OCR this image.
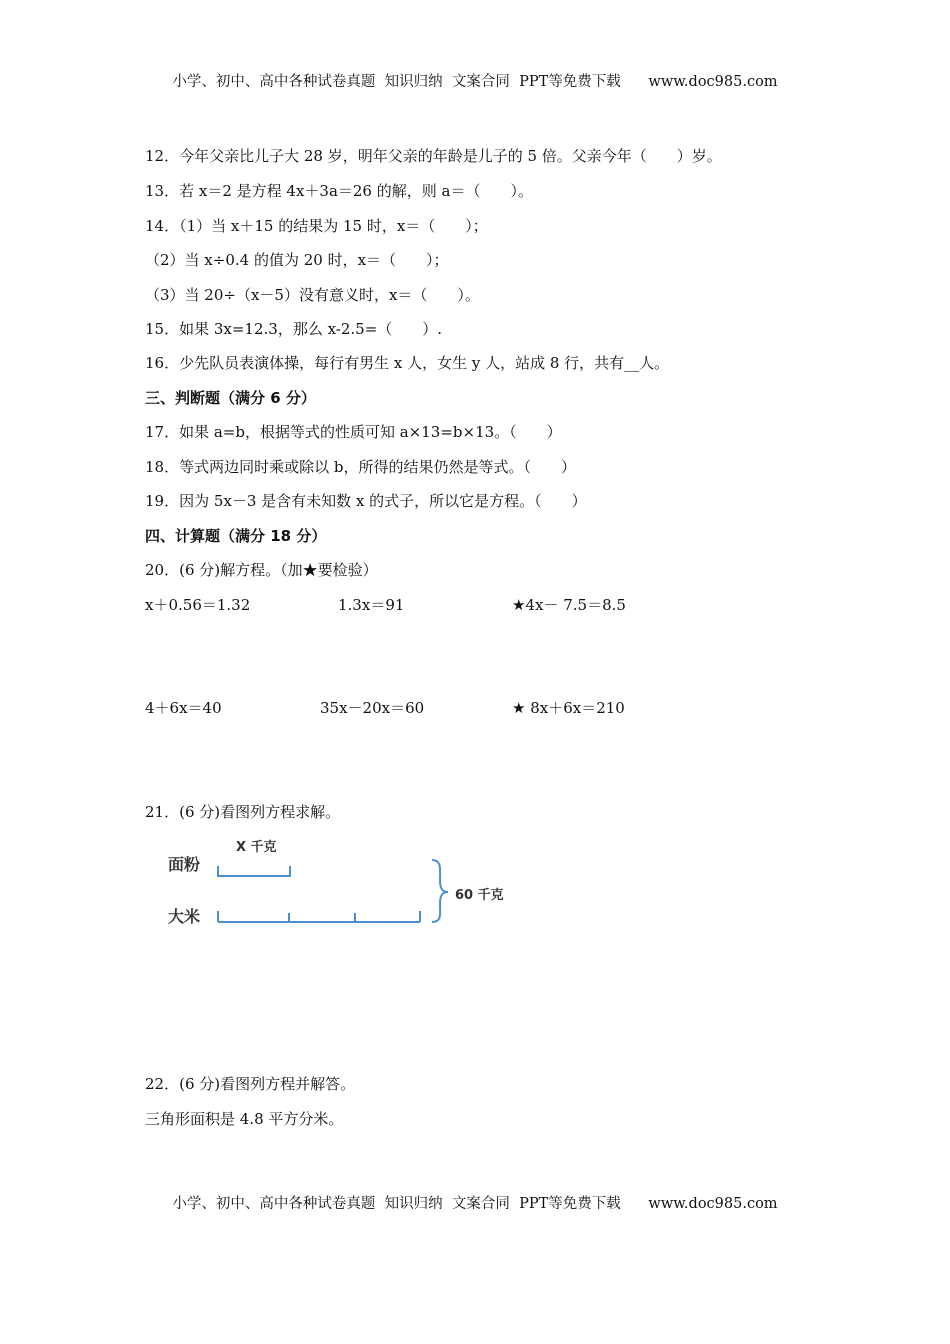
小学、初中、高中各种试卷真题  知识归纳  文案合同  PPT等免费下载      www.doc985.com
12．今年父亲比儿子大 28 岁，明年父亲的年龄是儿子的 5 倍。父亲今年（　　）岁。
13．若 x＝2 是方程 4x＋3a＝26 的解，则 a＝（　　）。
14．（1）当 x＋15 的结果为 15 时，x＝（　　）；
（2）当 x÷0.4 的值为 20 时，x＝（　　）；
（3）当 20÷（x－5）没有意义时，x＝（　　）。
15．如果 3x=12.3，那么 x-2.5=（　　）.
16．少先队员表演体操，每行有男生 x 人，女生 y 人，站成 8 行，共有__人。
三、判断题（满分 6 分）
17．如果 a=b，根据等式的性质可知 a×13=b×13。（　　）
18．等式两边同时乘或除以 b，所得的结果仍然是等式。（　　）
19．因为 5x－3 是含有未知数 x 的式子，所以它是方程。（　　）
四、计算题（满分 18 分）
20．(6 分)解方程。（加★要检验）
x＋0.56＝1.32	1.3x＝91	★4x－ 7.5＝8.5
4＋6x＝40	35x－20x＝60	★ 8x＋6x＝210
21．(6 分)看图列方程求解。
X 千克
面粉
大米
60 千克
22．(6 分)看图列方程并解答。
三角形面积是 4.8 平方分米。
小学、初中、高中各种试卷真题  知识归纳  文案合同  PPT等免费下载      www.doc985.com
